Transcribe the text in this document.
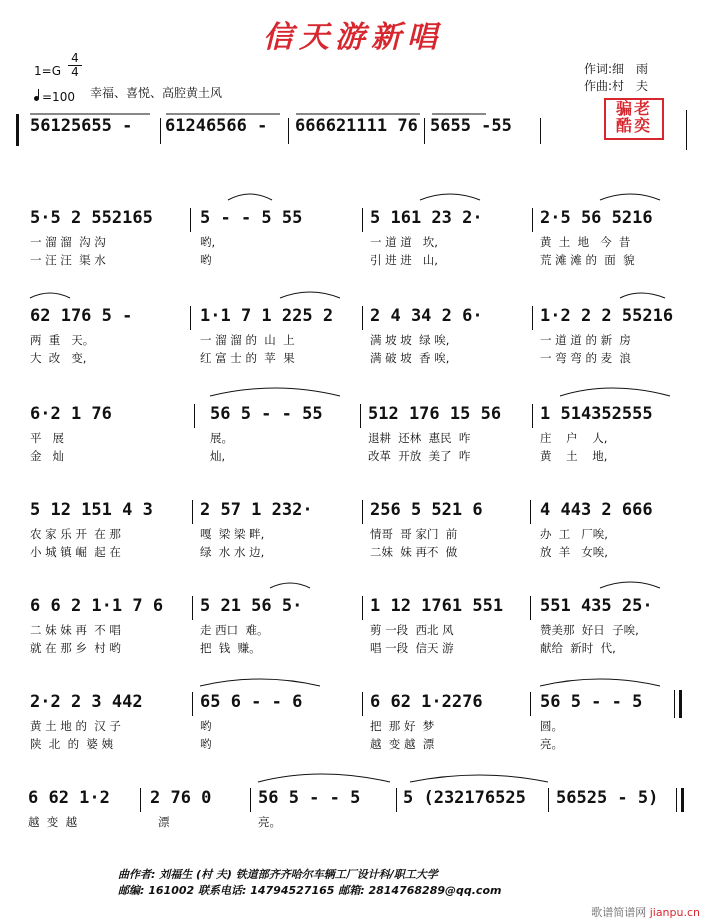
信天游新唱
1=G
4
4
=100 幸福、喜悦、高腔黄土风
作词:细　雨
作曲:村　夫
骗老
酷奕
56125655 - 61246566 - 666621111 76 5655 -55
5·5 2 552165	5 - - 5 55	5 161 23 2·	2·5 56 5216
一 溜 溜  沟 沟	哟,	一 道 道   坎,	黄  土  地   今  昔
一 汪 汪  渠 水	哟	引 进 进   山,	荒 滩 滩 的  面  貌
62 176 5 -	1·1 7 1 225 2 2 4 34 2 6·	1·2 2 2 55216
两  重   天。	一 溜 溜 的  山  上	满 坡 坡  绿 唉,	一 道 道 的 新  房
大  改   变,	红 富 士 的  苹  果	满 破 坡  香 唉,	一 弯 弯 的 麦  浪
6·2 1 76	56 5 - - 55	512 176 15 56 1 514352555
平   展	展。	退耕  还林  惠民  咋	庄    户    人,
金   灿	灿,	改革  开放  美了  咋	黄    土    地,
5 12 151 4 3	2 57 1 232·	256 5 521 6	4 443 2 666
农 家 乐 开  在 那	嘎  梁 梁 畔,	情哥  哥 家门  前	办  工   厂唉,
小 城 镇 崛  起 在	绿  水 水 边,	二妹  妹 再不  做	放  羊   女唉,
6 6 2 1·1 7 6 5 21 56 5·	1 12 1761 551 551 435 25·
二 妹 妹 再  不 唱	走 西口  难。	剪 一段  西北 风	赞美那  好日  子唉,
就 在 那 乡  村 哟	把  钱  赚。	唱 一段  信天 游	献给  新时  代,
2·2 2 3 442	65 6 - - 6	6 62 1·2276	56 5 - - 5
黄 土 地 的  汉 子	哟	把  那 好  梦	圆。
陕  北  的  婆 姨	哟	越  变 越  漂	亮。
6 62 1·2 2 76 0	56 5 - - 5	5 (232176525 56525 - 5)
越  变  越	漂	亮。
曲作者: 刘福生 (村 夫) 铁道部齐齐哈尔车辆工厂设计科/职工大学
邮编: 161002 联系电话: 14794527165 邮箱: 2814768289@qq.com
歌谱简谱网 jianpu.cn
